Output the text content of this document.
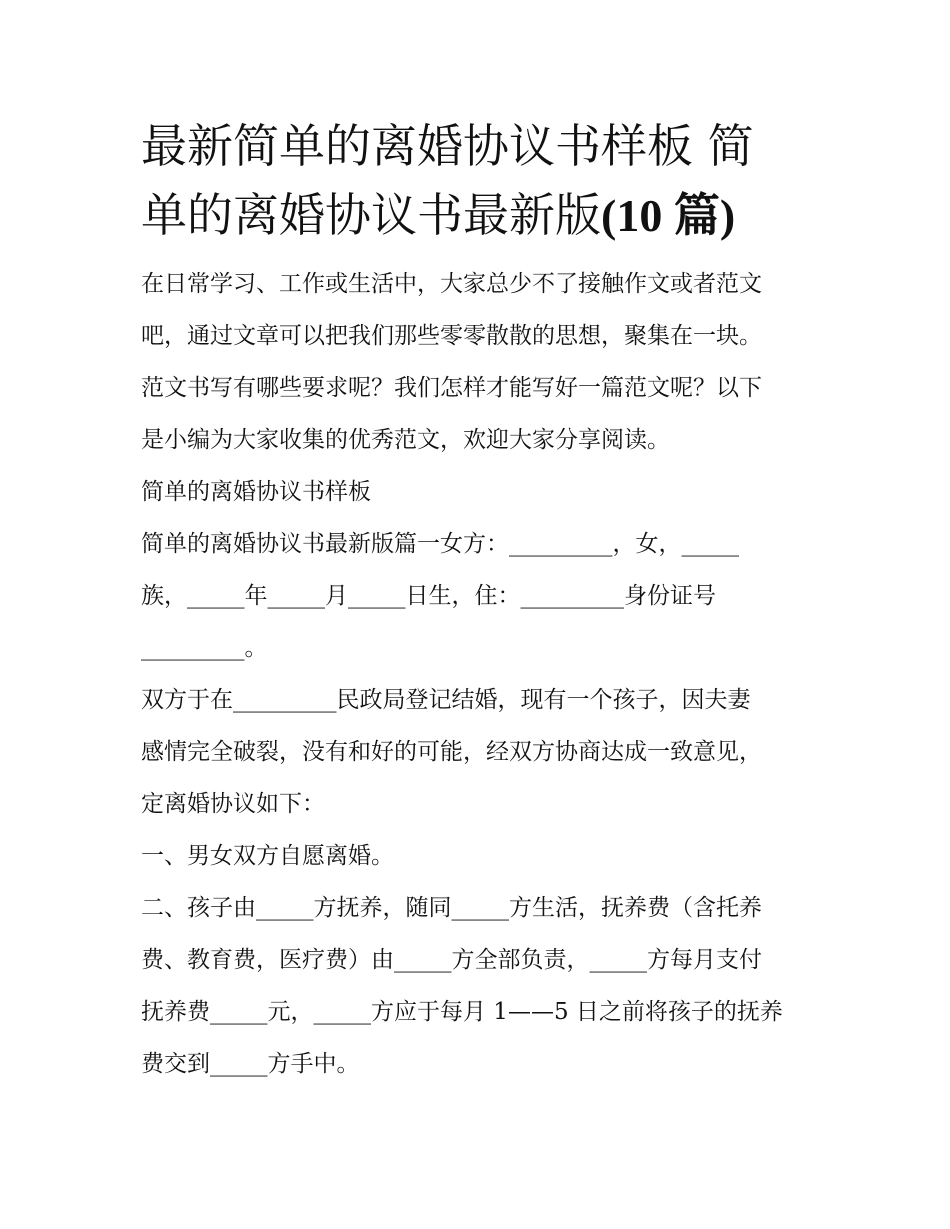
最新简单的离婚协议书样板 简
单的离婚协议书最新版(10 篇)

在日常学习、工作或生活中，大家总少不了接触作文或者范文
吧，通过文章可以把我们那些零零散散的思想，聚集在一块。
范文书写有哪些要求呢？我们怎样才能写好一篇范文呢？以下
是小编为大家收集的优秀范文，欢迎大家分享阅读。

简单的离婚协议书样板

简单的离婚协议书最新版篇一女方：_________，女，_____
族，_____年_____月_____日生，住：_________身份证号
_________。

双方于在_________民政局登记结婚，现有一个孩子，因夫妻
感情完全破裂，没有和好的可能，经双方协商达成一致意见，
定离婚协议如下：

一、男女双方自愿离婚。

二、孩子由_____方抚养，随同_____方生活，抚养费（含托养
费、教育费，医疗费）由_____方全部负责，_____方每月支付
抚养费_____元，_____方应于每月 1——5 日之前将孩子的抚养
费交到_____方手中。
